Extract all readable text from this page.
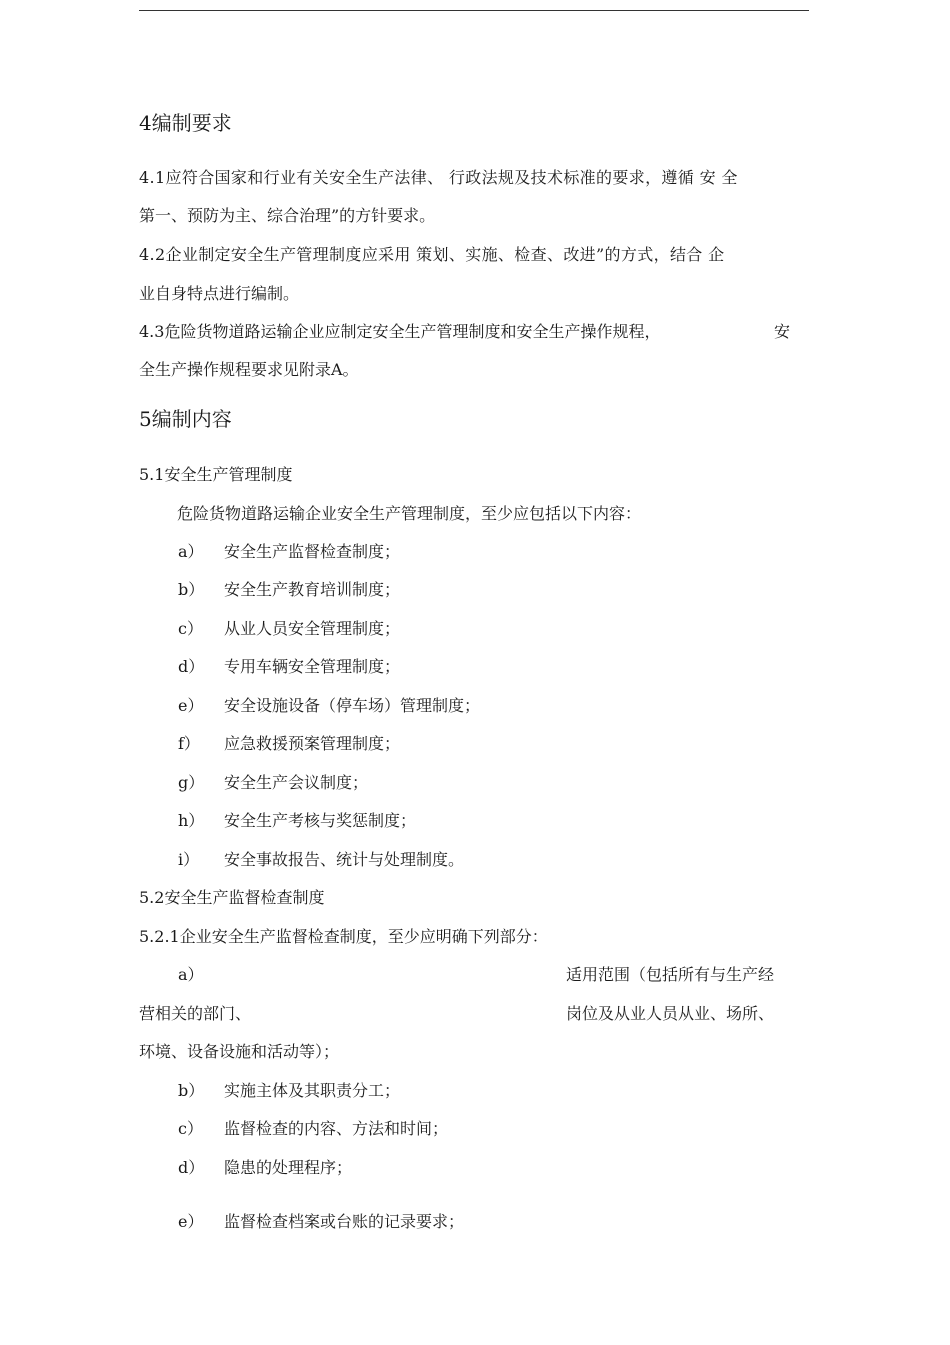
4编制要求
4.1应符合国家和行业有关安全生产法律、 行政法规及技术标准的要求，遵循 安 全
第一、预防为主、综合治理”的方针要求。
4.2企业制定安全生产管理制度应采用 策划、实施、检查、改进”的方式，结合 企
业自身特点进行编制。
4.3危险货物道路运输企业应制定安全生产管理制度和安全生产操作规程，	安
全生产操作规程要求见附录A。
5编制内容
5.1安全生产管理制度
危险货物道路运输企业安全生产管理制度，至少应包括以下内容：
a） 安全生产监督检查制度；
b） 安全生产教育培训制度；
c） 从业人员安全管理制度；
d） 专用车辆安全管理制度；
e） 安全设施设备（停车场）管理制度；
f） 应急救援预案管理制度；
g） 安全生产会议制度；
h） 安全生产考核与奖惩制度；
i） 安全事故报告、统计与处理制度。
5.2安全生产监督检查制度
5.2.1企业安全生产监督检查制度，至少应明确下列部分：
a）	适用范围（包括所有与生产经
营相关的部门、	岗位及从业人员从业、场所、
环境、设备设施和活动等）；
b） 实施主体及其职责分工；
c） 监督检查的内容、方法和时间；
d） 隐患的处理程序；
e） 监督检查档案或台账的记录要求；
